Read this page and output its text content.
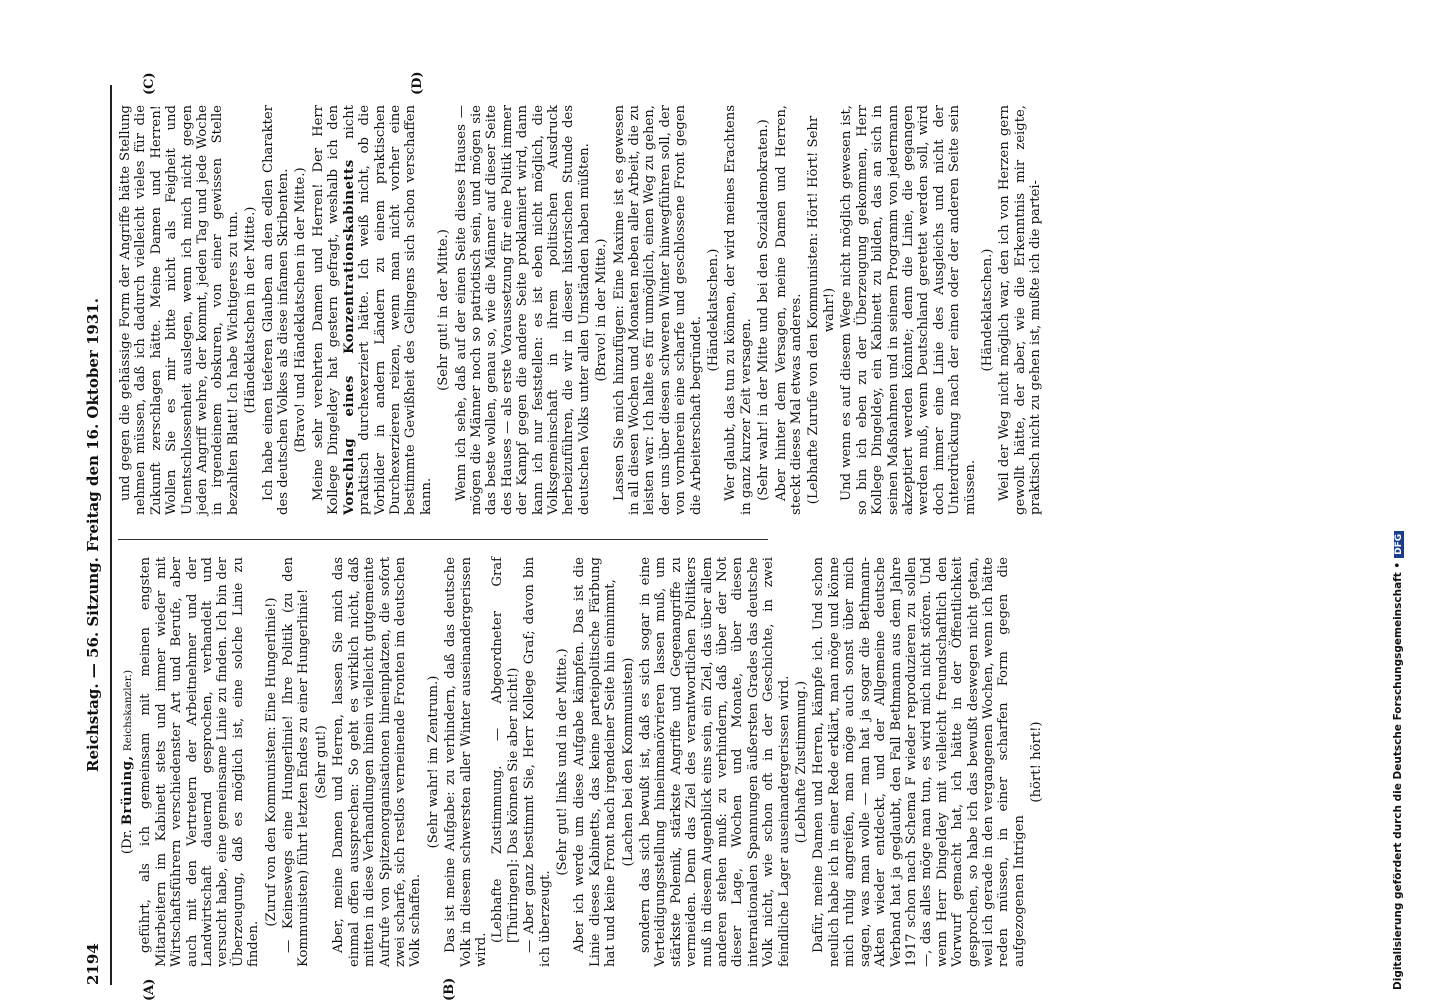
2194
Reichstag. — 56. Sitzung. Freitag den 16. Oktober 1931.
(A)	(B)
(C)	(D)

(Dr. Brüning, Reichskanzler.) geführt, als ich gemeinsam mit meinen engsten Mitarbeitern im Kabinett stets und immer wieder mit Wirtschaftsführern verschiedenster Art und Berufe, aber auch mit den Vertretern der Arbeitnehmer und der Landwirtschaft dauernd gesprochen, verhandelt und versucht habe, eine gemeinsame Linie zu finden. Ich bin der Überzeugung, daß es möglich ist, eine solche Linie zu finden.

(Zuruf von den Kommunisten: Eine Hungerlinie!) — Keineswegs eine Hungerlinie! Ihre Politik (zu den Kommunisten) führt letzten Endes zu einer Hungerlinie! (Sehr gut!) Aber, meine Damen und Herren, lassen Sie mich das einmal offen aussprechen: So geht es wirklich nicht, daß mitten in diese Verhandlungen hinein vielleicht gutgemeinte Aufrufe von Spitzenorganisationen hineinplatzen, die sofort zwei scharfe, sich restlos verneinende Fronten im deutschen Volk schaffen.

(Sehr wahr! im Zentrum.) Das ist meine Aufgabe: zu verhindern, daß das deutsche Volk in diesem schwersten aller Winter auseinandergerissen wird.

(Lebhafte Zustimmung. — Abgeordneter Graf [Thüringen]: Das können Sie aber nicht!) — Aber ganz bestimmt Sie, Herr Kollege Graf; davon bin ich überzeugt.

(Sehr gut! links und in der Mitte.) Aber ich werde um diese Aufgabe kämpfen. Das ist die Linie dieses Kabinetts, das keine parteipolitische Färbung hat und keine Front nach irgendeiner Seite hin einnimmt, (Lachen bei den Kommunisten) sondern das sich bewußt ist, daß es sich sogar in eine Verteidigungsstellung hineinmanövrieren lassen muß, um stärkste Polemik, stärkste Angriffe und Gegenangriffe zu vermeiden. Denn das Ziel des verantwortlichen Politikers muß in diesem Augenblick eins sein, ein Ziel, das über allem anderen stehen muß: zu verhindern, daß über der Not dieser Lage, Wochen und Monate, über diesen internationalen Spannungen äußersten Grades das deutsche Volk nicht, wie schon oft in der Geschichte, in zwei feindliche Lager auseinandergerissen wird. (Lebhafte Zustimmung.) Dafür, meine Damen und Herren, kämpfe ich. Und schon neulich habe ich in einer Rede erklärt, man möge und könne mich ruhig angreifen, man möge auch sonst über mich sagen, was man wolle — man hat ja sogar die Bethmann-Akten wieder entdeckt, und der Allgemeine deutsche Verband hat ja geglaubt, den Fall Bethmann aus dem Jahre 1917 schon nach Schema F wieder reproduzieren zu sollen —, das alles möge man tun, es wird mich nicht stören. Und wenn Herr Dingeldey mit vielleicht freundschaftlich den Vorwurf gemacht hat, ich hätte in der Öffentlichkeit gesprochen, so habe ich das bewußt deswegen nicht getan, weil ich gerade in den vergangenen Wochen, wenn ich hätte reden müssen, in einer scharfen Form gegen die aufgezogenen Intrigen

(hört! hört!)

und gegen die gehässige Form der Angriffe hätte Stellung nehmen müssen, daß ich dadurch vielleicht vieles für die Zukunft zerschlagen hätte. Meine Damen und Herren! Wollen Sie es mir bitte nicht als Feigheit und Unentschlossenheit auslegen, wenn ich mich nicht gegen jeden Angriff wehre, der kommt, jeden Tag und jede Woche in irgendeinem obskuren, von einer gewissen Stelle bezahlten Blatt! Ich habe Wichtigeres zu tun. (Händeklatschen in der Mitte.) Ich habe einen tieferen Glauben an den edlen Charakter des deutschen Volkes als diese infamen Skribenten. (Bravo! und Händeklatschen in der Mitte.) Meine sehr verehrten Damen und Herren! Der Herr Kollege Dingeldey hat gestern gefragt, weshalb ich den Vorschlag eines Konzentrationskabinetts nicht praktisch durchexerziert hätte. Ich weiß nicht, ob die Vorbilder in andern Ländern zu einem praktischen Durchexerzieren reizen, wenn man nicht vorher eine bestimmte Gewißheit des Gelingens sich schon verschaffen kann.

(Sehr gut! in der Mitte.) Wenn ich sehe, daß auf der einen Seite dieses Hauses — mögen die Männer noch so patriotisch sein, und mögen sie das beste wollen, genau so, wie die Männer auf dieser Seite des Hauses — als erste Voraussetzung für eine Politik immer der Kampf gegen die andere Seite proklamiert wird, dann kann ich nur feststellen: es ist eben nicht möglich, die Volksgemeinschaft in ihrem politischen Ausdruck herbeizuführen, die wir in dieser historischen Stunde des deutschen Volks unter allen Umständen haben müßten. (Bravo! in der Mitte.) Lassen Sie mich hinzufügen: Eine Maxime ist es gewesen in all diesen Wochen und Monaten neben aller Arbeit, die zu leisten war: Ich halte es für unmöglich, einen Weg zu gehen, der uns über diesen schweren Winter hinwegführen soll, der von vornherein eine scharfe und geschlossene Front gegen die Arbeiterschaft begründet.

(Händeklatschen.) Wer glaubt, das tun zu können, der wird meines Erachtens in ganz kurzer Zeit versagen. (Sehr wahr! in der Mitte und bei den Sozialdemokraten.) Aber hinter dem Versagen, meine Damen und Herren, steckt dieses Mal etwas anderes. (Lebhafte Zurufe von den Kommunisten: Hört! Hört! Sehr wahr!) Und wenn es auf diesem Wege nicht möglich gewesen ist, so bin ich eben zu der Überzeugung gekommen, Herr Kollege Dingeldey, ein Kabinett zu bilden, das an sich in seinen Maßnahmen und in seinem Programm von jedermann akzeptiert werden könnte; denn die Linie, die gegangen werden muß, wenn Deutschland gerettet werden soll, wird doch immer eine Linie des Ausgleichs und nicht der Unterdrückung nach der einen oder der anderen Seite sein müssen.

(Händeklatschen.) Weil der Weg nicht möglich war, den ich von Herzen gern gewollt hätte, der aber, wie die Erkenntnis mir zeigte, praktisch nicht zu gehen ist, mußte ich die partei-

Digitalisierung gefördert durch die Deutsche Forschungsgemeinschaft •DFG
